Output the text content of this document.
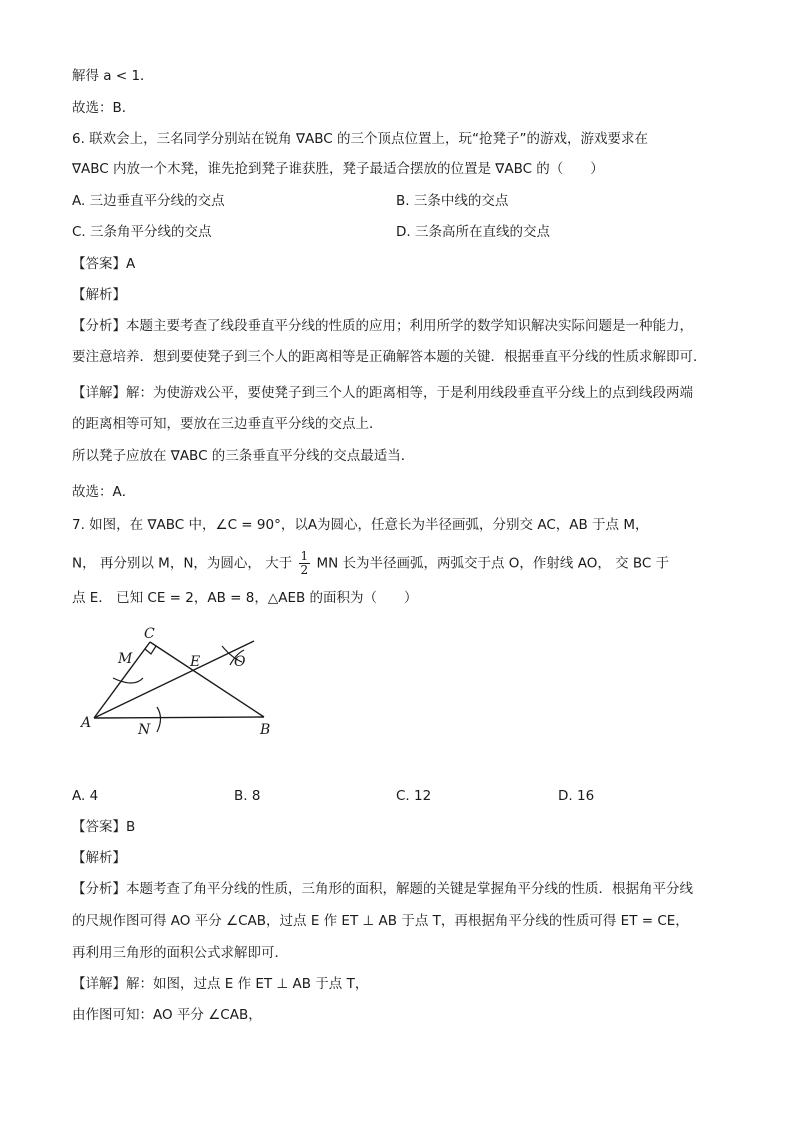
解得 a < 1．
故选：B．
6. 联欢会上，三名同学分别站在锐角 ∇ABC 的三个顶点位置上，玩“抢凳子”的游戏，游戏要求在
∇ABC 内放一个木凳，谁先抢到凳子谁获胜，凳子最适合摆放的位置是 ∇ABC 的（　　）
A. 三边垂直平分线的交点	B. 三条中线的交点
C. 三条角平分线的交点	D. 三条高所在直线的交点
【答案】A
【解析】
【分析】本题主要考查了线段垂直平分线的性质的应用；利用所学的数学知识解决实际问题是一种能力，
要注意培养．想到要使凳子到三个人的距离相等是正确解答本题的关键．根据垂直平分线的性质求解即可．
【详解】解：为使游戏公平，要使凳子到三个人的距离相等，于是利用线段垂直平分线上的点到线段两端
的距离相等可知，要放在三边垂直平分线的交点上．
所以凳子应放在 ∇ABC 的三条垂直平分线的交点最适当．
故选：A．
7. 如图，在 ∇ABC 中，∠C = 90°，以A为圆心，任意长为半径画弧，分别交 AC，AB 于点 M，
N， 再分别以 M，N，为圆心， 大于 $\frac{1}{2}$ MN 长为半径画弧，两弧交于点 O，作射线 AO， 交 BC 于
点 E． 已知 CE = 2，AB = 8，△AEB 的面积为（　　）
C
M	E O
A	N	B
A. 4	B. 8	C. 12	D. 16
【答案】B
【解析】
【分析】本题考查了角平分线的性质，三角形的面积，解题的关键是掌握角平分线的性质．根据角平分线
的尺规作图可得 AO 平分 ∠CAB，过点 E 作 ET ⊥ AB 于点 T，再根据角平分线的性质可得 ET = CE，
再利用三角形的面积公式求解即可．
【详解】解：如图，过点 E 作 ET ⊥ AB 于点 T，
由作图可知：AO 平分 ∠CAB，
